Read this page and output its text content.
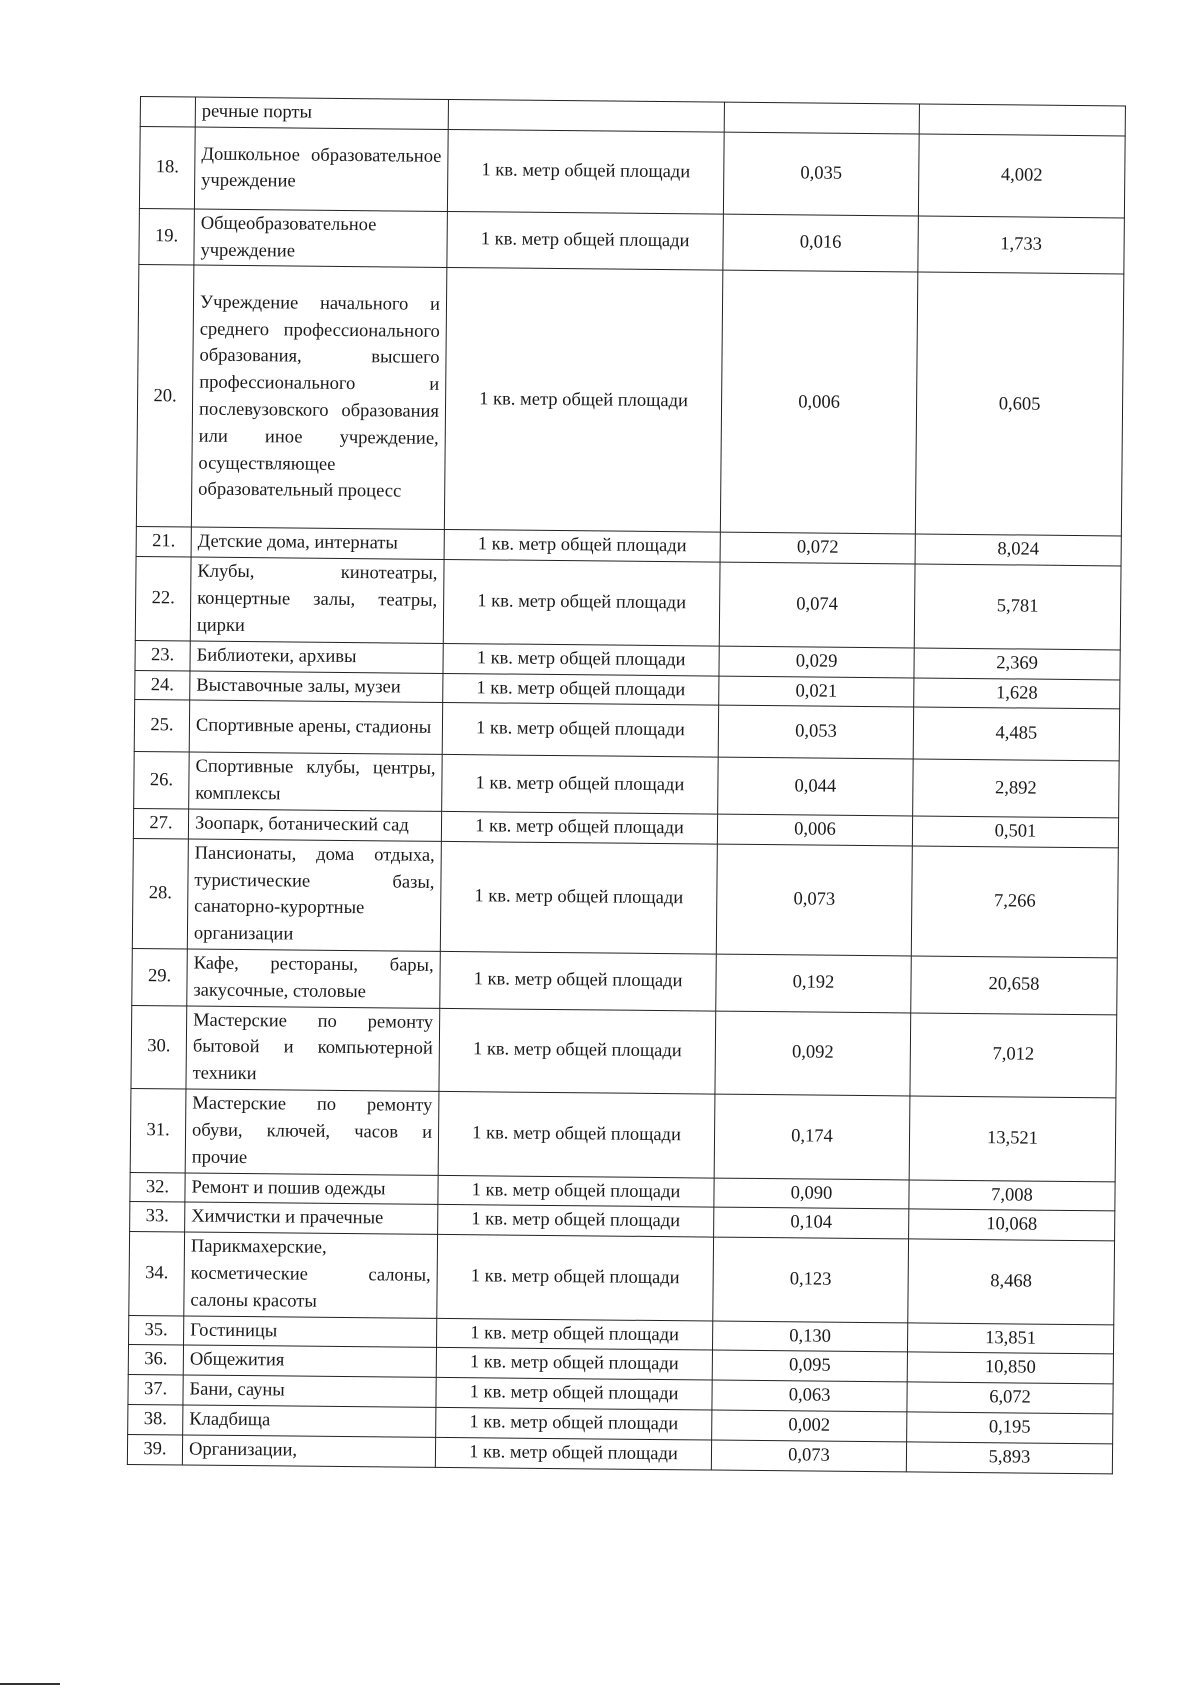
	речные порты			
18.	Дошкольное образовательное учреждение	1 кв. метр общей площади	0,035	4,002
19.	Общеобразовательное учреждение	1 кв. метр общей площади	0,016	1,733
20.	Учреждение начального и среднего профессионального образования, высшего профессионального и послевузовского образования или иное учреждение, осуществляющее образовательный процесс	1 кв. метр общей площади	0,006	0,605
21.	Детские дома, интернаты	1 кв. метр общей площади	0,072	8,024
22.	Клубы, кинотеатры, концертные залы, театры, цирки	1 кв. метр общей площади	0,074	5,781
23.	Библиотеки, архивы	1 кв. метр общей площади	0,029	2,369
24.	Выставочные залы, музеи	1 кв. метр общей площади	0,021	1,628
25.	Спортивные арены, стадионы	1 кв. метр общей площади	0,053	4,485
26.	Спортивные клубы, центры, комплексы	1 кв. метр общей площади	0,044	2,892
27.	Зоопарк, ботанический сад	1 кв. метр общей площади	0,006	0,501
28.	Пансионаты, дома отдыха, туристические базы, санаторно-курортные организации	1 кв. метр общей площади	0,073	7,266
29.	Кафе, рестораны, бары, закусочные, столовые	1 кв. метр общей площади	0,192	20,658
30.	Мастерские по ремонту бытовой и компьютерной техники	1 кв. метр общей площади	0,092	7,012
31.	Мастерские по ремонту обуви, ключей, часов и прочие	1 кв. метр общей площади	0,174	13,521
32.	Ремонт и пошив одежды	1 кв. метр общей площади	0,090	7,008
33.	Химчистки и прачечные	1 кв. метр общей площади	0,104	10,068
34.	Парикмахерские, косметические салоны, салоны красоты	1 кв. метр общей площади	0,123	8,468
35.	Гостиницы	1 кв. метр общей площади	0,130	13,851
36.	Общежития	1 кв. метр общей площади	0,095	10,850
37.	Бани, сауны	1 кв. метр общей площади	0,063	6,072
38.	Кладбища	1 кв. метр общей площади	0,002	0,195
39.	Организации,	1 кв. метр общей площади	0,073	5,893
